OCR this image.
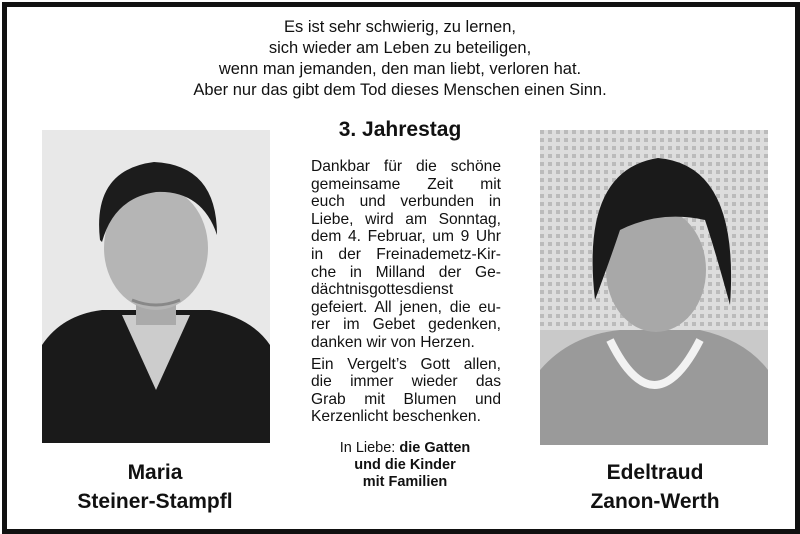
Es ist sehr schwierig, zu lernen,
sich wieder am Leben zu beteiligen,
wenn man jemanden, den man liebt, verloren hat.
Aber nur das gibt dem Tod dieses Menschen einen Sinn.
3. Jahrestag
Dankbar für die schöne
gemeinsame Zeit mit
euch und verbunden in
Liebe, wird am Sonntag,
dem 4. Februar, um 9 Uhr
in der Freinademetz-Kir-
che in Milland der Ge-
dächtnisgottesdienst
gefeiert. All jenen, die eu-
rer im Gebet gedenken,
danken wir von Herzen.
Ein Vergelt’s Gott allen,
die immer wieder das
Grab mit Blumen und
Kerzenlicht beschenken.
In Liebe: die Gatten
und die Kinder
mit Familien
Maria
Steiner-Stampfl
Edeltraud
Zanon-Werth
